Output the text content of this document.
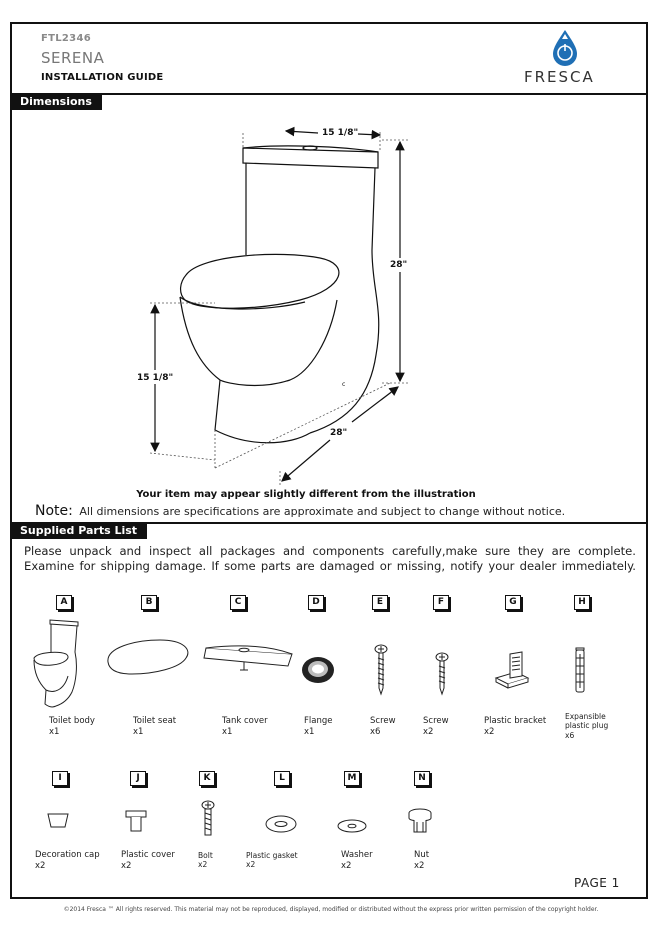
FTL2346
SERENA
INSTALLATION GUIDE	FRESCA
Dimensions
c
15 1/8"
28"
15 1/8"
28"
Your item may appear slightly different from the illustration
Note: All dimensions are specifications are approximate and subject to change without notice.
Supplied Parts List
Please unpack and inspect all packages and components carefully,make sure they are complete.
Examine for shipping damage. If some parts are damaged or missing, notify your dealer immediately.
A	B	C	D	E	F	G	H
Toilet body
x1
Toilet seat
x1
Tank cover
x1
Flange
x1
Screw
x6
Screw
x2
Plastic bracket
x2
Expansible plastic plug
x6
I	J	K	L	M	N
Decoration cap
x2
Plastic cover
x2
Bolt
x2
Plastic gasket
x2
Washer
x2
Nut
x2
PAGE 1
©2014 Fresca ™ All rights reserved. This material may not be reproduced, displayed, modified or distributed without the express prior written permission of the copyright holder.
